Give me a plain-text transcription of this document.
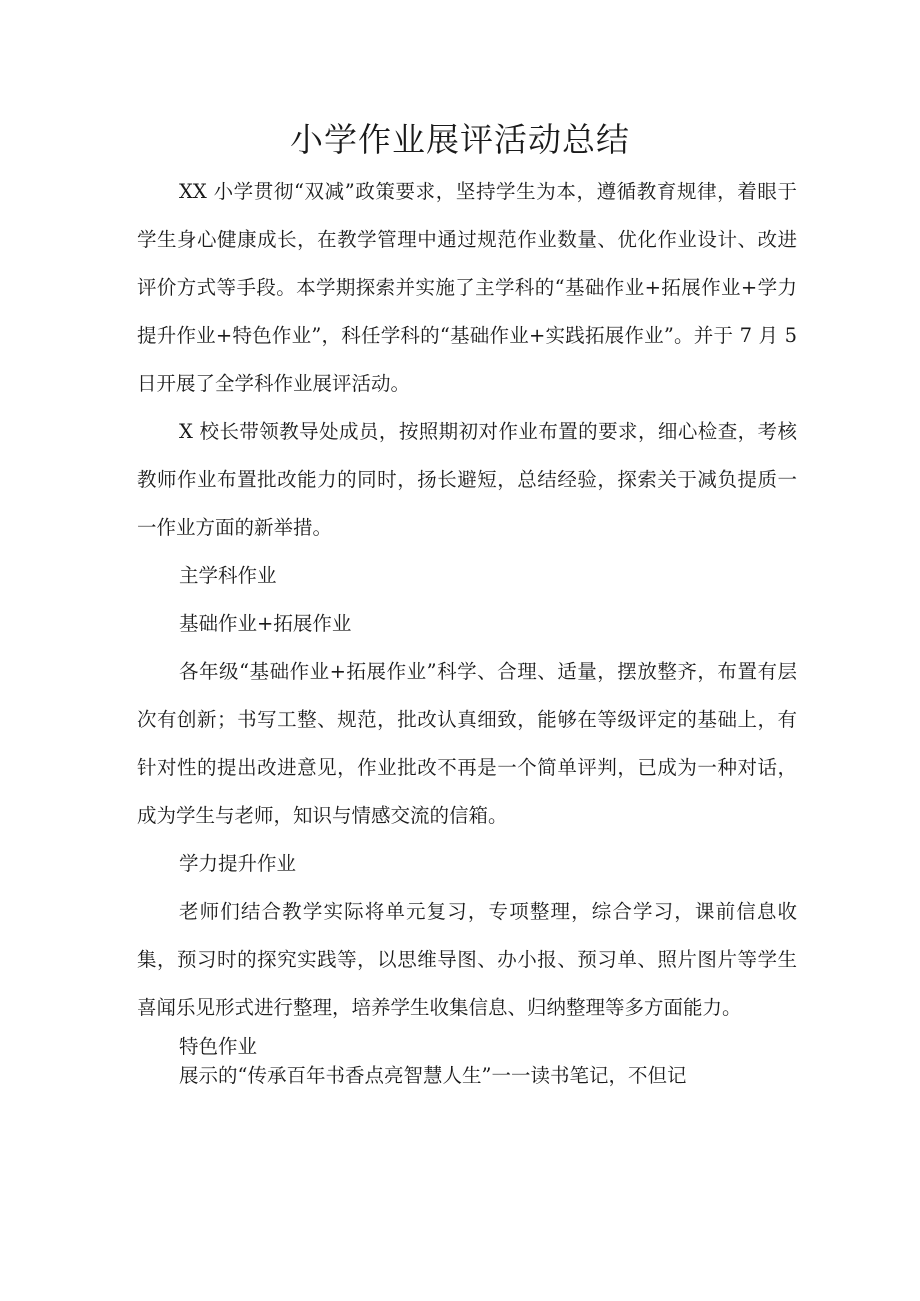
小学作业展评活动总结

XX 小学贯彻“双减”政策要求，坚持学生为本，遵循教育规律，着眼于学生身心健康成长，在教学管理中通过规范作业数量、优化作业设计、改进评价方式等手段。本学期探索并实施了主学科的“基础作业+拓展作业+学力提升作业+特色作业”，科任学科的“基础作业+实践拓展作业”。并于 7 月 5 日开展了全学科作业展评活动。

X 校长带领教导处成员，按照期初对作业布置的要求，细心检查，考核教师作业布置批改能力的同时，扬长避短，总结经验，探索关于减负提质一一作业方面的新举措。

主学科作业

基础作业+拓展作业

各年级“基础作业+拓展作业”科学、合理、适量，摆放整齐，布置有层次有创新；书写工整、规范，批改认真细致，能够在等级评定的基础上，有针对性的提出改进意见，作业批改不再是一个简单评判，已成为一种对话，成为学生与老师，知识与情感交流的信箱。

学力提升作业

老师们结合教学实际将单元复习，专项整理，综合学习，课前信息收集，预习时的探究实践等，以思维导图、办小报、预习单、照片图片等学生喜闻乐见形式进行整理，培养学生收集信息、归纳整理等多方面能力。

特色作业

展示的“传承百年书香点亮智慧人生”一一读书笔记，不但记
